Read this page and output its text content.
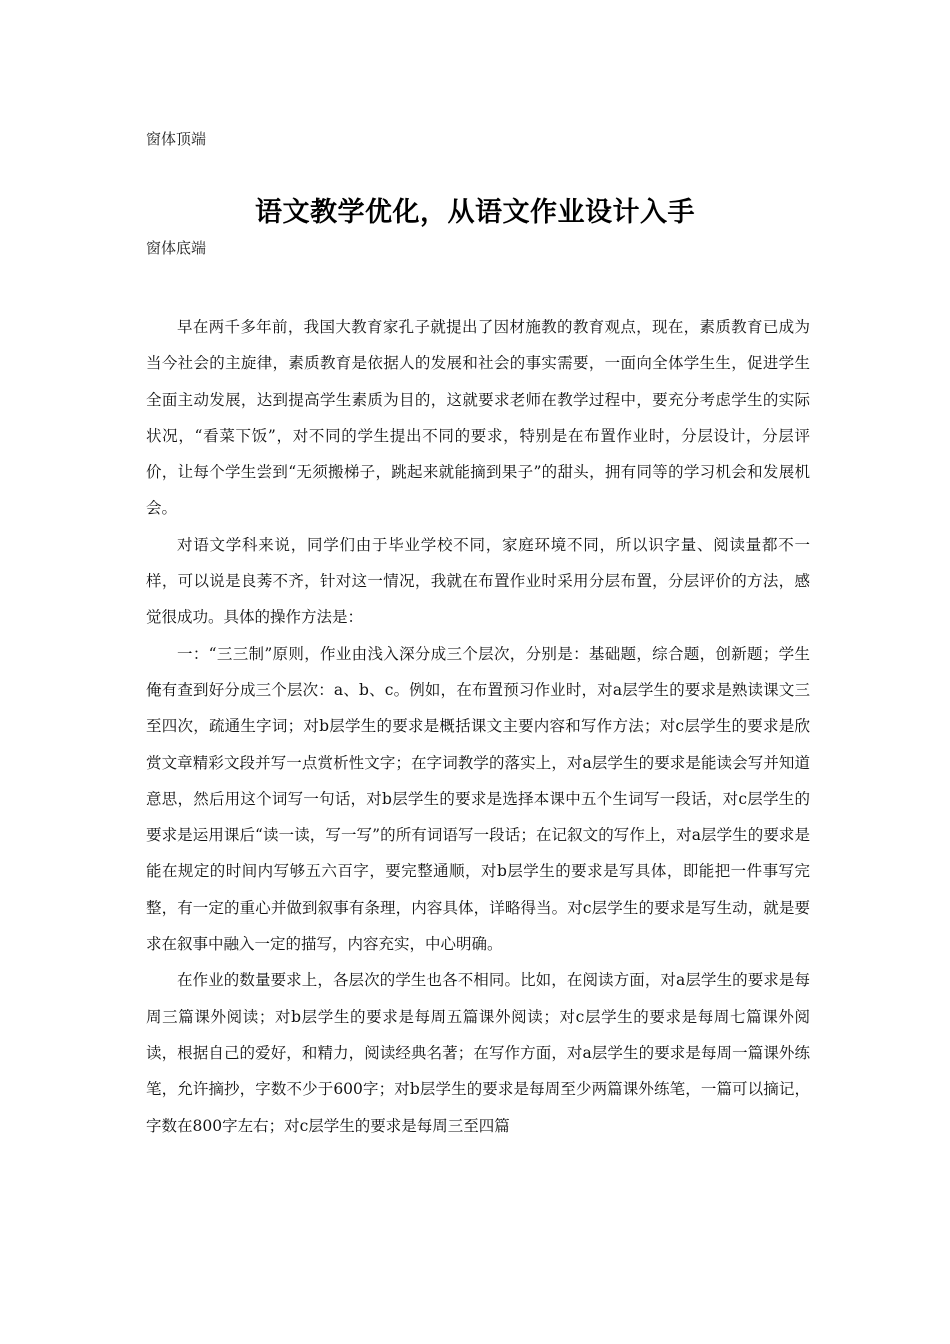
窗体顶端
语文教学优化，从语文作业设计入手
窗体底端

早在两千多年前，我国大教育家孔子就提出了因材施教的教育观点，现在，素质教育已成为当今社会的主旋律，素质教育是依据人的发展和社会的事实需要，一面向全体学生生，促进学生全面主动发展，达到提高学生素质为目的，这就要求老师在教学过程中，要充分考虑学生的实际状况，“看菜下饭”，对不同的学生提出不同的要求，特别是在布置作业时，分层设计，分层评价，让每个学生尝到“无须搬梯子，跳起来就能摘到果子”的甜头，拥有同等的学习机会和发展机会。

对语文学科来说，同学们由于毕业学校不同，家庭环境不同，所以识字量、阅读量都不一样，可以说是良莠不齐，针对这一情况，我就在布置作业时采用分层布置，分层评价的方法，感觉很成功。具体的操作方法是：

一：“三三制”原则，作业由浅入深分成三个层次，分别是：基础题，综合题，创新题；学生俺有查到好分成三个层次：a、b、c。例如，在布置预习作业时，对a层学生的要求是熟读课文三至四次，疏通生字词；对b层学生的要求是概括课文主要内容和写作方法；对c层学生的要求是欣赏文章精彩文段并写一点赏析性文字；在字词教学的落实上，对a层学生的要求是能读会写并知道意思，然后用这个词写一句话，对b层学生的要求是选择本课中五个生词写一段话，对c层学生的要求是运用课后“读一读，写一写”的所有词语写一段话；在记叙文的写作上，对a层学生的要求是能在规定的时间内写够五六百字，要完整通顺，对b层学生的要求是写具体，即能把一件事写完整，有一定的重心并做到叙事有条理，内容具体，详略得当。对c层学生的要求是写生动，就是要求在叙事中融入一定的描写，内容充实，中心明确。

在作业的数量要求上，各层次的学生也各不相同。比如，在阅读方面，对a层学生的要求是每周三篇课外阅读；对b层学生的要求是每周五篇课外阅读；对c层学生的要求是每周七篇课外阅读，根据自己的爱好，和精力，阅读经典名著；在写作方面，对a层学生的要求是每周一篇课外练笔，允许摘抄，字数不少于600字；对b层学生的要求是每周至少两篇课外练笔，一篇可以摘记，字数在800字左右；对c层学生的要求是每周三至四篇
